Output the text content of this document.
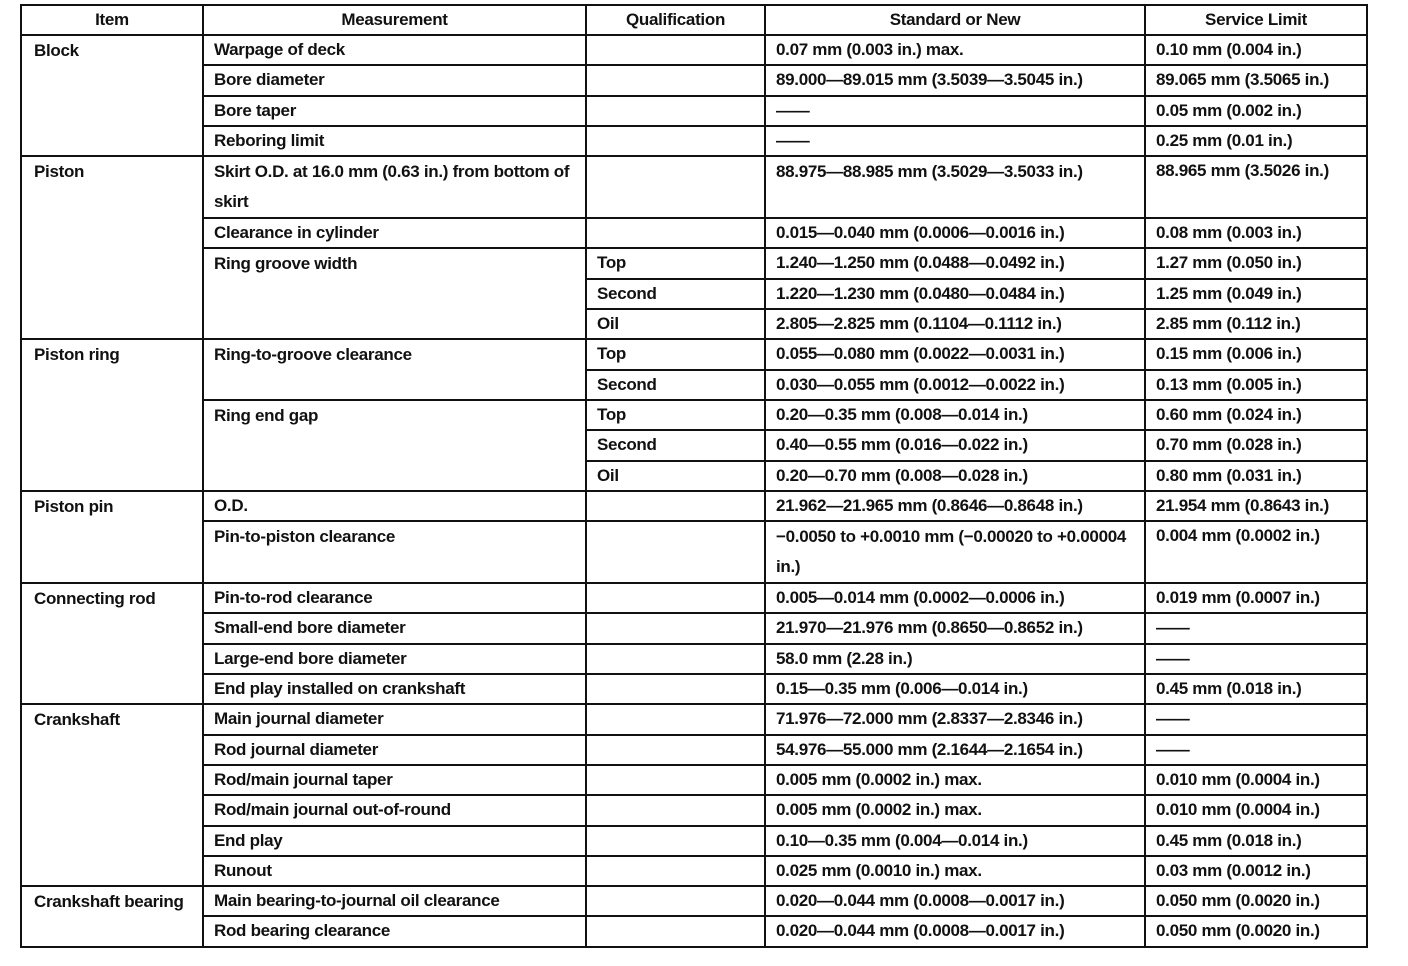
Item	Measurement	Qualification	Standard or New	Service Limit
Block	Warpage of deck		0.07 mm (0.003 in.) max.	0.10 mm (0.004 in.)
	Bore diameter		89.000—89.015 mm (3.5039—3.5045 in.)	89.065 mm (3.5065 in.)
	Bore taper		——	0.05 mm (0.002 in.)
	Reboring limit		——	0.25 mm (0.01 in.)
Piston	Skirt O.D. at 16.0 mm (0.63 in.) from bottom of skirt		88.975—88.985 mm (3.5029—3.5033 in.)	88.965 mm (3.5026 in.)

	Clearance in cylinder		0.015—0.040 mm (0.0006—0.0016 in.)	0.08 mm (0.003 in.)
	Ring groove width	Top	1.240—1.250 mm (0.0488—0.0492 in.)	1.27 mm (0.050 in.)
		Second	1.220—1.230 mm (0.0480—0.0484 in.)	1.25 mm (0.049 in.)
		Oil	2.805—2.825 mm (0.1104—0.1112 in.)	2.85 mm (0.112 in.)
Piston ring	Ring-to-groove clearance	Top	0.055—0.080 mm (0.0022—0.0031 in.)	0.15 mm (0.006 in.)
		Second	0.030—0.055 mm (0.0012—0.0022 in.)	0.13 mm (0.005 in.)
	Ring end gap	Top	0.20—0.35 mm (0.008—0.014 in.)	0.60 mm (0.024 in.)
		Second	0.40—0.55 mm (0.016—0.022 in.)	0.70 mm (0.028 in.)
		Oil	0.20—0.70 mm (0.008—0.028 in.)	0.80 mm (0.031 in.)
Piston pin	O.D.		21.962—21.965 mm (0.8646—0.8648 in.)	21.954 mm (0.8643 in.)
	Pin-to-piston clearance		−0.0050 to +0.0010 mm (−0.00020 to +0.00004 in.)	0.004 mm (0.0002 in.)

Connecting rod	Pin-to-rod clearance		0.005—0.014 mm (0.0002—0.0006 in.)	0.019 mm (0.0007 in.)
	Small-end bore diameter		21.970—21.976 mm (0.8650—0.8652 in.)	——
	Large-end bore diameter		58.0 mm (2.28 in.)	——
	End play installed on crankshaft		0.15—0.35 mm (0.006—0.014 in.)	0.45 mm (0.018 in.)
Crankshaft	Main journal diameter		71.976—72.000 mm (2.8337—2.8346 in.)	——
	Rod journal diameter		54.976—55.000 mm (2.1644—2.1654 in.)	——
	Rod/main journal taper		0.005 mm (0.0002 in.) max.	0.010 mm (0.0004 in.)
	Rod/main journal out-of-round		0.005 mm (0.0002 in.) max.	0.010 mm (0.0004 in.)
	End play		0.10—0.35 mm (0.004—0.014 in.)	0.45 mm (0.018 in.)
	Runout		0.025 mm (0.0010 in.) max.	0.03 mm (0.0012 in.)
Crankshaft bearing	Main bearing-to-journal oil clearance		0.020—0.044 mm (0.0008—0.0017 in.)	0.050 mm (0.0020 in.)
	Rod bearing clearance		0.020—0.044 mm (0.0008—0.0017 in.)	0.050 mm (0.0020 in.)
